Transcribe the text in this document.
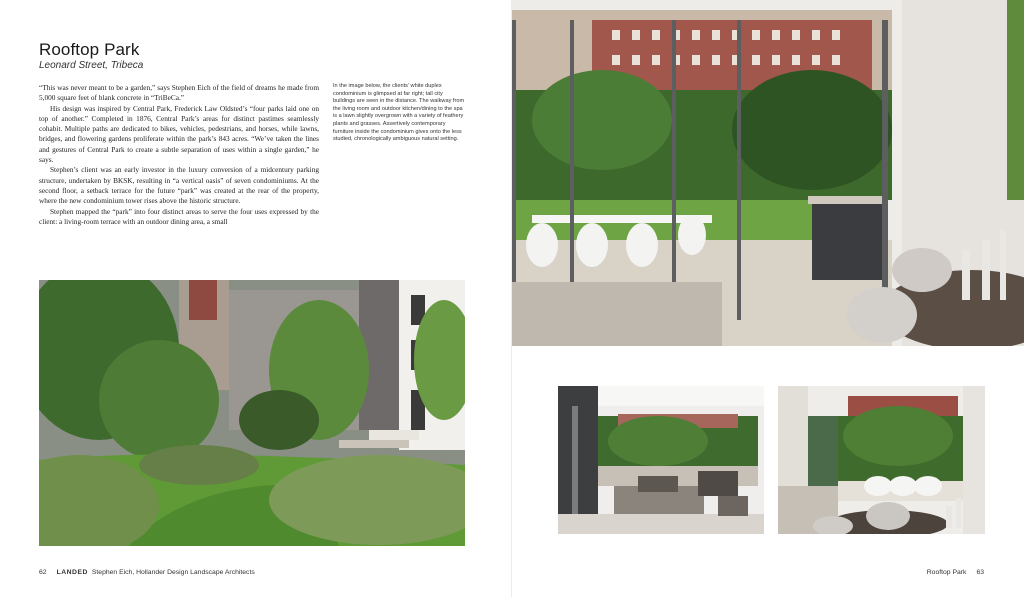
Rooftop Park
Leonard Street, Tribeca

“This was never meant to be a garden,” says Stephen Eich of the field of dreams he made from 5,000 square feet of blank concrete in “TriBeCa.”

His design was inspired by Central Park, Frederick Law Oldsted’s “four parks laid one on top of another.” Completed in 1876, Central Park’s areas for distinct pastimes seamlessly cohabit. Multiple paths are dedicated to bikes, vehicles, pedestrians, and horses, while lawns, bridges, and flowering gardens proliferate within the park’s 843 acres. “We’ve taken the lines and gestures of Central Park to create a subtle separation of uses within a single garden,” he says.

Stephen’s client was an early investor in the luxury conversion of a midcentury parking structure, undertaken by BKSK, resulting in “a vertical oasis” of seven condominiums. At the second floor, a setback terrace for the future “park” was created at the rear of the property, where the new condominium tower rises above the historic structure.

Stephen mapped the “park” into four distinct areas to serve the four uses expressed by the client: a living-room terrace with an outdoor dining area, a small

In the image below, the clients’ white duplex condominium is glimpsed at far right; tall city buildings are seen in the distance. The walkway from the living room and outdoor kitchen/dining to the spa is a lawn slightly overgrown with a variety of feathery plants and grasses. Assertively contemporary furniture inside the condominium gives onto the less studied, chronologically ambiguous natural setting.
62 LANDED Stephen Eich, Hollander Design Landscape Architects	Rooftop Park 63
